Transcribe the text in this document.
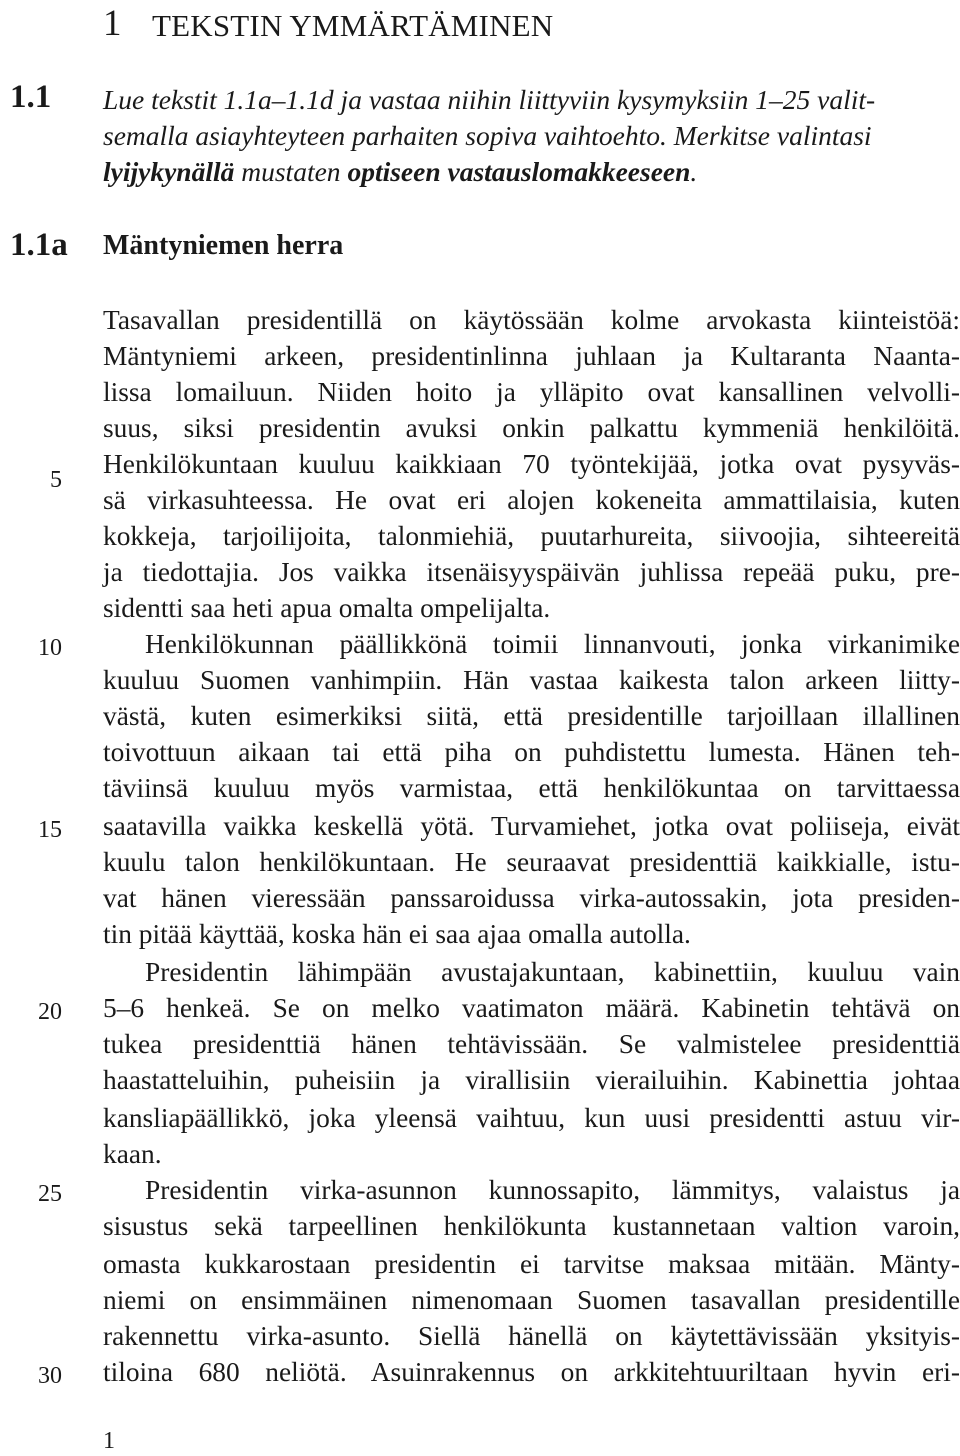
1 TEKSTIN YMMÄRTÄMINEN
1.1 Lue tekstit 1.1a–1.1d ja vastaa niihin liittyviin kysymyksiin 1–25 valit-
semalla asiayhteyteen parhaiten sopiva vaihtoehto. Merkitse valintasi
lyijykynällä mustaten optiseen vastauslomakkeeseen.
1.1a Mäntyniemen herra
5
10
15
20
25
30
Tasavallan presidentillä on käytössään kolme arvokasta kiinteistöä:
Mäntyniemi arkeen, presidentinlinna juhlaan ja Kultaranta Naanta-
lissa lomailuun. Niiden hoito ja ylläpito ovat kansallinen velvolli-
suus, siksi presidentin avuksi onkin palkattu kymmeniä henkilöitä.
Henkilökuntaan kuuluu kaikkiaan 70 työntekijää, jotka ovat pysyväs-
sä virkasuhteessa. He ovat eri alojen kokeneita ammattilaisia, kuten
kokkeja, tarjoilijoita, talonmiehiä, puutarhureita, siivoojia, sihteereitä
ja tiedottajia. Jos vaikka itsenäisyyspäivän juhlissa repeää puku, pre-
sidentti saa heti apua omalta ompelijalta.
Henkilökunnan päällikkönä toimii linnanvouti, jonka virkanimike
kuuluu Suomen vanhimpiin. Hän vastaa kaikesta talon arkeen liitty-
västä, kuten esimerkiksi siitä, että presidentille tarjoillaan illallinen
toivottuun aikaan tai että piha on puhdistettu lumesta. Hänen teh-
täviinsä kuuluu myös varmistaa, että henkilökuntaa on tarvittaessa
saatavilla vaikka keskellä yötä. Turvamiehet, jotka ovat poliiseja, eivät
kuulu talon henkilökuntaan. He seuraavat presidenttiä kaikkialle, istu-
vat hänen vieressään panssaroidussa virka-autossakin, jota presiden-
tin pitää käyttää, koska hän ei saa ajaa omalla autolla.
Presidentin lähimpään avustajakuntaan, kabinettiin, kuuluu vain
5–6 henkeä. Se on melko vaatimaton määrä. Kabinetin tehtävä on
tukea presidenttiä hänen tehtävissään. Se valmistelee presidenttiä
haastatteluihin, puheisiin ja virallisiin vierailuihin. Kabinettia johtaa
kansliapäällikkö, joka yleensä vaihtuu, kun uusi presidentti astuu vir-
kaan.
Presidentin virka-asunnon kunnossapito, lämmitys, valaistus ja
sisustus sekä tarpeellinen henkilökunta kustannetaan valtion varoin,
omasta kukkarostaan presidentin ei tarvitse maksaa mitään. Mänty-
niemi on ensimmäinen nimenomaan Suomen tasavallan presidentille
rakennettu virka-asunto. Siellä hänellä on käytettävissään yksityis-
tiloina 680 neliötä. Asuinrakennus on arkkitehtuuriltaan hyvin eri-
1
